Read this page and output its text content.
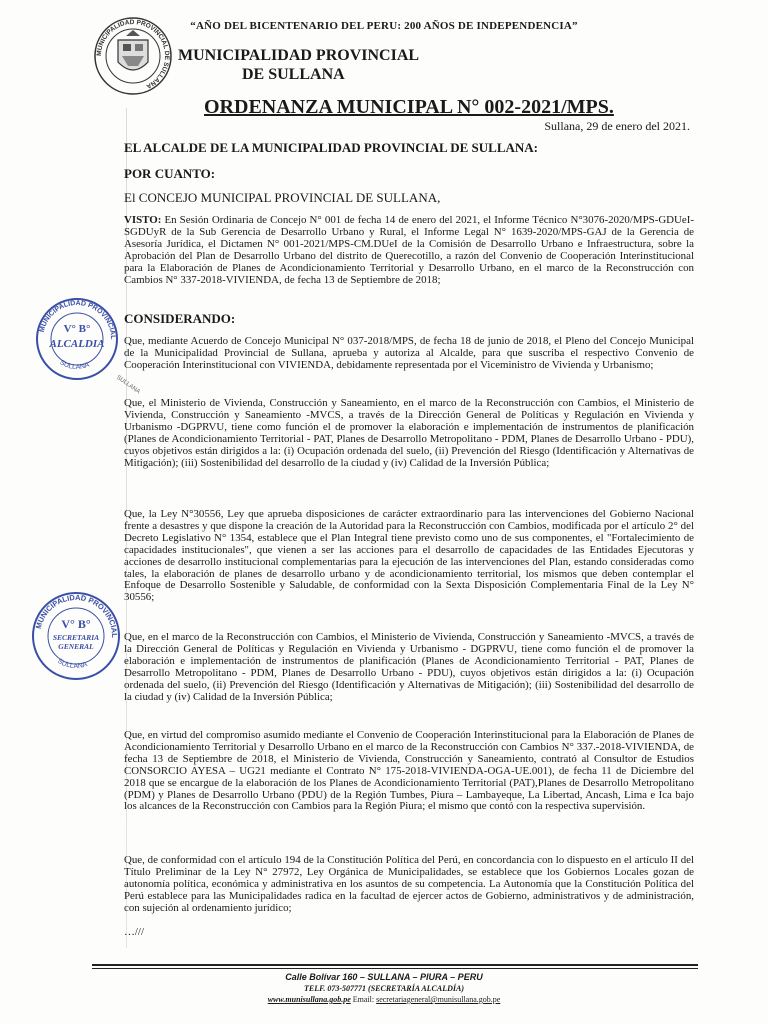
“AÑO DEL BICENTENARIO DEL PERU: 200 AÑOS DE INDEPENDENCIA”
MUNICIPALIDAD PROVINCIAL DE SULLANA
MUNICIPALIDAD PROVINCIAL
DE SULLANA
ORDENANZA MUNICIPAL N° 002-2021/MPS.
Sullana, 29 de enero del 2021.
EL ALCALDE DE LA MUNICIPALIDAD PROVINCIAL DE SULLANA:
POR CUANTO:
El CONCEJO MUNICIPAL PROVINCIAL DE SULLANA,
VISTO: En Sesión Ordinaria de Concejo N° 001 de fecha 14 de enero del 2021, el Informe Técnico N°3076-2020/MPS-GDUeI-SGDUyR de la Sub Gerencia de Desarrollo Urbano y Rural, el Informe Legal N° 1639-2020/MPS-GAJ de la Gerencia de Asesoría Jurídica, el Dictamen N° 001-2021/MPS-CM.DUeI de la Comisión de Desarrollo Urbano e Infraestructura, sobre la Aprobación del Plan de Desarrollo Urbano del distrito de Querecotillo, a razón del Convenio de Cooperación Interinstitucional para la Elaboración de Planes de Acondicionamiento Territorial y Desarrollo Urbano, en el marco de la Reconstrucción con Cambios N° 337-2018-VIVIENDA, de fecha 13 de Septiembre de 2018;
CONSIDERANDO:
Que, mediante Acuerdo de Concejo Municipal N° 037-2018/MPS, de fecha 18 de junio de 2018, el Pleno del Concejo Municipal de la Municipalidad Provincial de Sullana, aprueba y autoriza al Alcalde, para que suscriba el respectivo Convenio de Cooperación Interinstitucional con VIVIENDA, debidamente representada por el Viceministro de Vivienda y Urbanismo;
Que, el Ministerio de Vivienda, Construcción y Saneamiento, en el marco de la Reconstrucción con Cambios, el Ministerio de Vivienda, Construcción y Saneamiento -MVCS, a través de la Dirección General de Políticas y Regulación en Vivienda y Urbanismo -DGPRVU, tiene como función el de promover la elaboración e implementación de instrumentos de planificación (Planes de Acondicionamiento Territorial - PAT, Planes de Desarrollo Metropolitano - PDM, Planes de Desarrollo Urbano - PDU), cuyos objetivos están dirigidos a la: (i) Ocupación ordenada del suelo, (ii) Prevención del Riesgo (Identificación y Alternativas de Mitigación); (iii) Sostenibilidad del desarrollo de la ciudad y (iv) Calidad de la Inversión Pública;
Que, la Ley N°30556, Ley que aprueba disposiciones de carácter extraordinario para las intervenciones del Gobierno Nacional frente a desastres y que dispone la creación de la Autoridad para la Reconstrucción con Cambios, modificada por el artículo 2° del Decreto Legislativo N° 1354, establece que el Plan Integral tiene previsto como uno de sus componentes, el "Fortalecimiento de capacidades institucionales", que vienen a ser las acciones para el desarrollo de capacidades de las Entidades Ejecutoras y acciones de desarrollo institucional complementarias para la ejecución de las intervenciones del Plan, estando consideradas como tales, la elaboración de planes de desarrollo urbano y de acondicionamiento territorial, los mismos que deben contemplar el Enfoque de Desarrollo Sostenible y Saludable, de conformidad con la Sexta Disposición Complementaria Final de la Ley N° 30556;
Que, en el marco de la Reconstrucción con Cambios, el Ministerio de Vivienda, Construcción y Saneamiento -MVCS, a través de la Dirección General de Políticas y Regulación en Vivienda y Urbanismo - DGPRVU, tiene como función el de promover la elaboración e implementación de instrumentos de planificación (Planes de Acondicionamiento Territorial - PAT, Planes de Desarrollo Metropolitano - PDM, Planes de Desarrollo Urbano - PDU), cuyos objetivos están dirigidos a la: (i) Ocupación ordenada del suelo, (ii) Prevención del Riesgo (Identificación y Alternativas de Mitigación); (iii) Sostenibilidad del desarrollo de la ciudad y (iv) Calidad de la Inversión Pública;
Que, en virtud del compromiso asumido mediante el Convenio de Cooperación Interinstitucional para la Elaboración de Planes de Acondicionamiento Territorial y Desarrollo Urbano en el marco de la Reconstrucción con Cambios N° 337.-2018-VIVIENDA, de fecha 13 de Septiembre de 2018, el Ministerio de Vivienda, Construcción y Saneamiento, contrató al Consultor de Estudios CONSORCIO AYESA – UG21 mediante el Contrato N° 175-2018-VIVIENDA-OGA-UE.001), de fecha 11 de Diciembre del 2018 que se encargue de la elaboración de los Planes de Acondicionamiento Territorial (PAT),Planes de Desarrollo Metropolitano (PDM) y Planes de Desarrollo Urbano (PDU) de la Región Tumbes, Piura – Lambayeque, La Libertad, Ancash, Lima e Ica bajo los alcances de la Reconstrucción con Cambios para la Región Piura; el mismo que contó con la respectiva supervisión.
Que, de conformidad con el artículo 194 de la Constitución Política del Perú, en concordancia con lo dispuesto en el artículo II del Título Preliminar de la Ley N° 27972, Ley Orgánica de Municipalidades, se establece que los Gobiernos Locales gozan de autonomía política, económica y administrativa en los asuntos de su competencia. La Autonomía que la Constitución Política del Perú establece para las Municipalidades radica en la facultad de ejercer actos de Gobierno, administrativos y de administración, con sujeción al ordenamiento jurídico;
…///
MUNICIPALIDAD PROVINCIAL
V° B°
ALCALDIA
SULLANA
MUNICIPALIDAD PROVINCIAL
V° B°
SECRETARIA
GENERAL
SULLANA
SULLANA
Calle Bolívar 160 – SULLANA – PIURA – PERU
TELF. 073-507771 (SECRETARÍA ALCALDÍA)
www.munisullana.gob.pe Email: secretariageneral@munisullana.gob.pe
